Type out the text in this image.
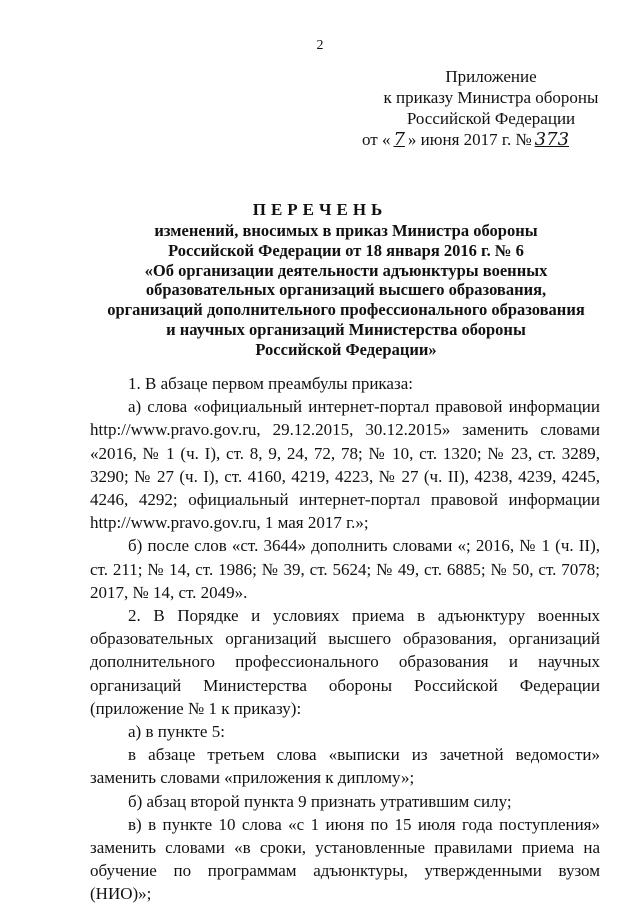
2
Приложение
к приказу Министра обороны
Российской Федерации
от « 7 » июня 2017 г. № 373
ПЕРЕЧЕНЬ
изменений, вносимых в приказ Министра обороны
Российской Федерации от 18 января 2016 г. № 6
«Об организации деятельности адъюнктуры военных
образовательных организаций высшего образования,
организаций дополнительного профессионального образования
и научных организаций Министерства обороны
Российской Федерации»

1. В абзаце первом преамбулы приказа:

а) слова «официальный интернет-портал правовой информации http://www.pravo.gov.ru, 29.12.2015, 30.12.2015» заменить словами «2016, № 1 (ч. I), ст. 8, 9, 24, 72, 78; № 10, ст. 1320; № 23, ст. 3289, 3290; № 27 (ч. I), ст. 4160, 4219, 4223, № 27 (ч. II), 4238, 4239, 4245, 4246, 4292; официальный интернет-портал правовой информации http://www.pravo.gov.ru, 1 мая 2017 г.»;

б) после слов «ст. 3644» дополнить словами «; 2016, № 1 (ч. II), ст. 211; № 14, ст. 1986; № 39, ст. 5624; № 49, ст. 6885; № 50, ст. 7078; 2017, № 14, ст. 2049».

2. В Порядке и условиях приема в адъюнктуру военных образовательных организаций высшего образования, организаций дополнительного профессионального образования и научных организаций Министерства обороны Российской Федерации (приложение № 1 к приказу):

а) в пункте 5:

в абзаце третьем слова «выписки из зачетной ведомости» заменить словами «приложения к диплому»;

б) абзац второй пункта 9 признать утратившим силу;

в) в пункте 10 слова «с 1 июня по 15 июля года поступления» заменить словами «в сроки, установленные правилами приема на обучение по программам адъюнктуры, утвержденными вузом (НИО)»;
